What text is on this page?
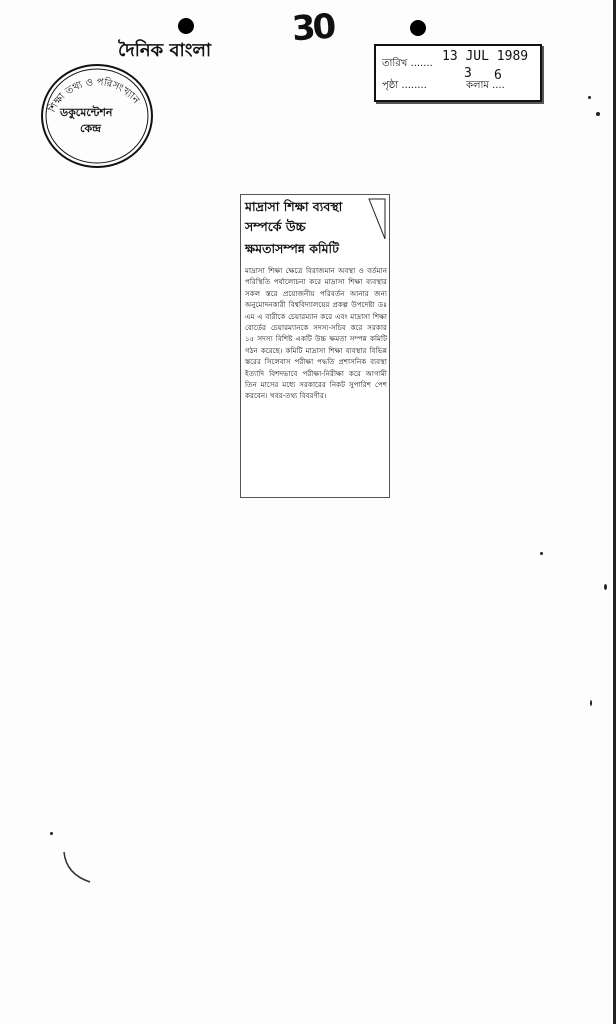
30
দৈনিক বাংলা
শিক্ষা তথ্য ও পরিসংখ্যান
ডকুমেন্টেশন
কেন্দ্র
তারিখ ....... 13 JUL 1989
পৃষ্ঠা ........	কলাম ....
3 6
মাদ্রাসা শিক্ষা ব্যবস্থা
সম্পর্কে উচ্চ
ক্ষমতাসম্পন্ন কমিটি
মাদ্রাসা শিক্ষা ক্ষেত্রে বিরাজমান অবস্থা ও বর্তমান পরিস্থিতি পর্যালোচনা করে মাদ্রাসা শিক্ষা ব্যবস্থার সকল স্তরে প্রয়োজনীয় পরিবর্তন আনার জন্য অনুমোদনকারী বিশ্ববিদ্যালয়ের প্রকল্প উপদেষ্টা ডঃ এম এ বারীকে চেয়ারম্যান করে এবং মাদ্রাসা শিক্ষা বোর্ডের চেয়ারম্যানকে সদস্য-সচিব করে সরকার ১৫ সদস্য বিশিষ্ট একটি উচ্চ ক্ষমতা সম্পন্ন কমিটি গঠন করেছে। কমিটি মাদ্রাসা শিক্ষা ব্যবস্থার বিভিন্ন স্তরের সিলেবাস পরীক্ষা পদ্ধতি প্রশাসনিক ব্যবস্থা ইত্যাদি বিশদভাবে পরীক্ষা-নিরীক্ষা করে আগামী তিন মাসের মধ্যে সরকারের নিকট সুপারিশ পেশ করবেন। খবর-তথ্য বিবরণীর।
